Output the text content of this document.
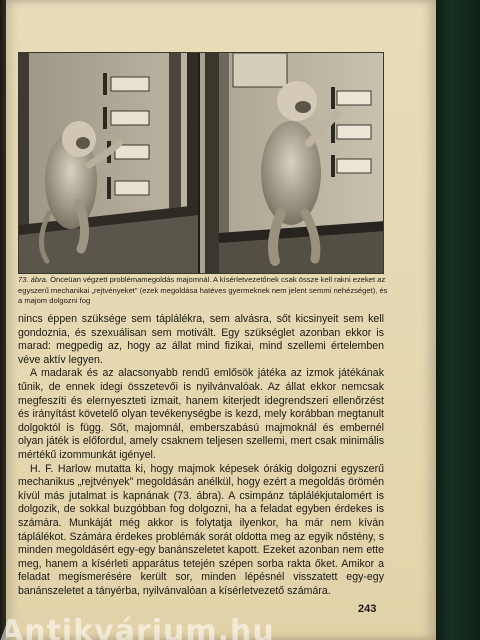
73. ábra. Önceüan végzett problémamegoldás majomnál. A kísérletvezetőnek csak össze kell rakni ezeket az egyszerű mechanikai „rejtvényeket" (ezek megoldása hatéves gyermeknek nem jelent semmi nehézséget), és a majom dolgozni fog

nincs éppen szüksége sem táplálékra, sem alvásra, sőt kicsinyeit sem kell gondoznia, és szexuálisan sem motivált. Egy szükséglet azonban ekkor is marad: megpedig az, hogy az állat mind fizikai, mind szellemi értelemben véve aktív legyen.

A madarak és az alacsonyabb rendű emlősök játéka az izmok játékának tűnik, de ennek idegi összetevői is nyilvánvalóak. Az állat ekkor nemcsak megfeszíti és elernyeszteti izmait, hanem kiterjedt idegrendszeri ellenőrzést és irányítást követelő olyan tevékenységbe is kezd, mely korábban megtanult dolgoktól is függ. Sőt, majomnál, emberszabású majmoknál és embernél olyan játék is előfordul, amely csaknem teljesen szellemi, mert csak minimális mértékű izommunkát igényel.

H. F. Harlow mutatta ki, hogy majmok képesek órákig dolgozni egyszerű mechanikus „rejtvények" megoldásán anélkül, hogy ezért a megoldás örömén kívül más jutalmat is kapnának (73. ábra). A csimpánz táplálékjutalomért is dolgozik, de sokkal buzgóbban fog dolgozni, ha a feladat egyben érdekes is számára. Munkáját még akkor is folytatja ilyenkor, ha már nem kíván táplálékot. Számára érdekes problémák sorát oldotta meg az egyik nőstény, s minden megoldásért egy-egy banánszeletet kapott. Ezeket azonban nem ette meg, hanem a kísérleti apparátus tetején szépen sorba rakta őket. Amikor a feladat megismerésére került sor, minden lépésnél visszatett egy-egy banánszeletet a tányérba, nyilvánvalóan a kísérletvezető számára.

243
Antikvárium.hu
